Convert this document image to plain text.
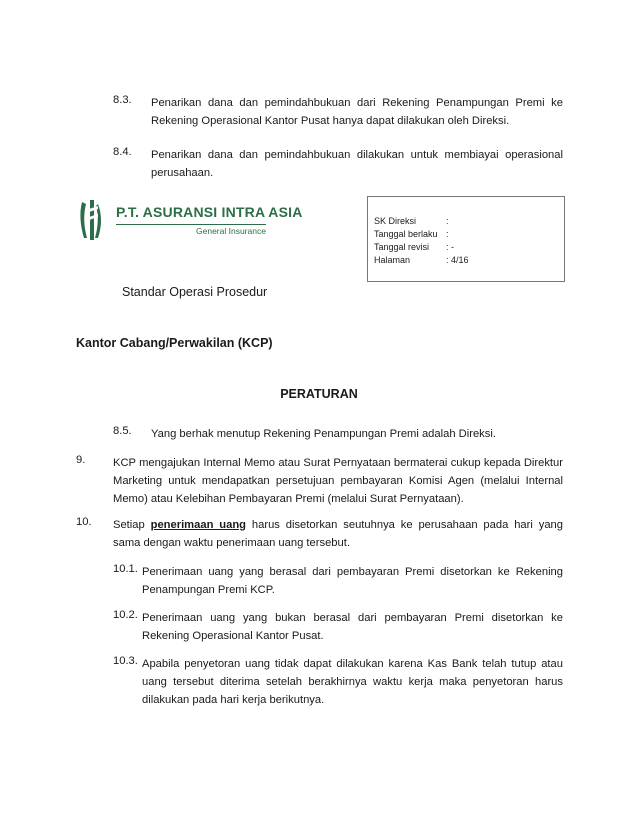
8.3. Penarikan dana dan pemindahbukuan dari Rekening Penampungan Premi ke Rekening Operasional Kantor Pusat hanya dapat dilakukan oleh Direksi.
8.4. Penarikan dana dan pemindahbukuan dilakukan untuk membiayai operasional perusahaan.
P.T. ASURANSI INTRA ASIA
General Insurance
SK Direksi	:
Tanggal berlaku :
Tanggal revisi : -
Halaman	: 4/16
Standar Operasi Prosedur
Kantor Cabang/Perwakilan (KCP)
PERATURAN
8.5. Yang berhak menutup Rekening Penampungan Premi adalah Direksi.
9. KCP mengajukan Internal Memo atau Surat Pernyataan bermaterai cukup kepada Direktur Marketing untuk mendapatkan persetujuan pembayaran Komisi Agen (melalui Internal Memo) atau Kelebihan Pembayaran Premi (melalui Surat Pernyataan).
10. Setiap penerimaan uang harus disetorkan seutuhnya ke perusahaan pada hari yang sama dengan waktu penerimaan uang tersebut.
10.1. Penerimaan uang yang berasal dari pembayaran Premi disetorkan ke Rekening Penampungan Premi KCP.
10.2. Penerimaan uang yang bukan berasal dari pembayaran Premi disetorkan ke Rekening Operasional Kantor Pusat.
10.3. Apabila penyetoran uang tidak dapat dilakukan karena Kas Bank telah tutup atau uang tersebut diterima setelah berakhirnya waktu kerja maka penyetoran harus dilakukan pada hari kerja berikutnya.
